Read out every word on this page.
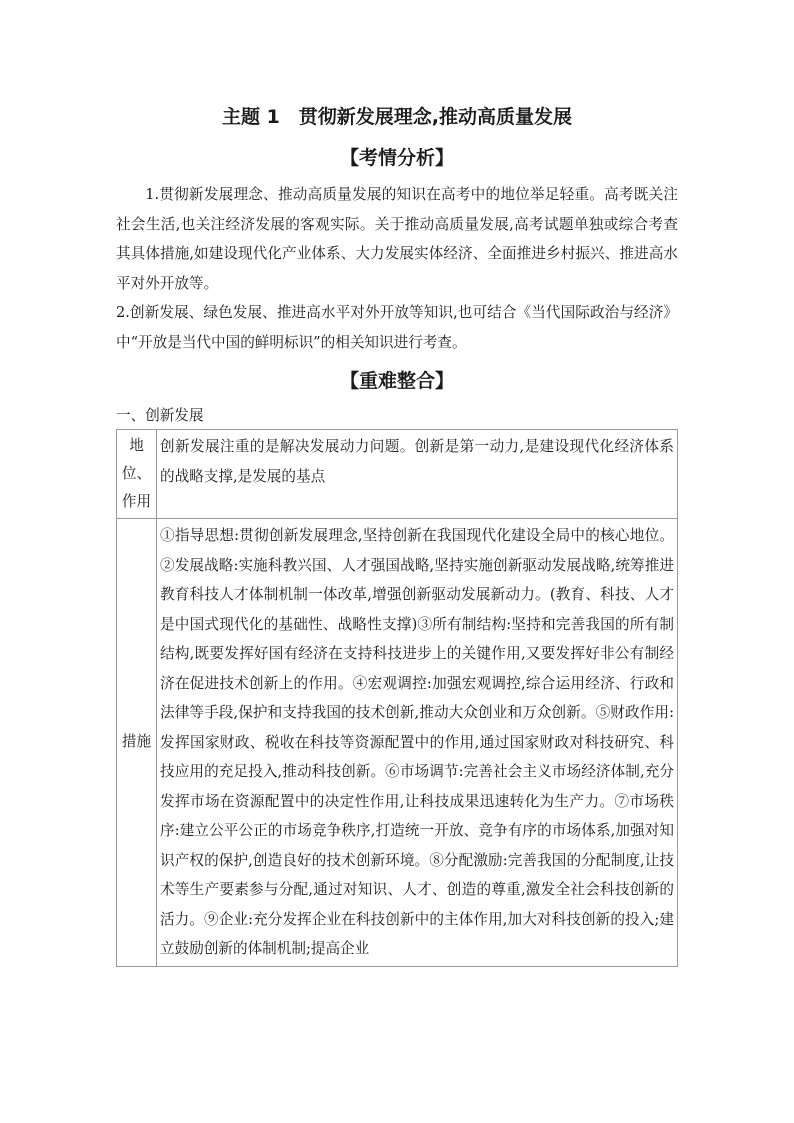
主题 1　贯彻新发展理念,推动高质量发展
【考情分析】

1.贯彻新发展理念、推动高质量发展的知识在高考中的地位举足轻重。高考既关注社会生活,也关注经济发展的客观实际。关于推动高质量发展,高考试题单独或综合考查其具体措施,如建设现代化产业体系、大力发展实体经济、全面推进乡村振兴、推进高水平对外开放等。

2.创新发展、绿色发展、推进高水平对外开放等知识,也可结合《当代国际政治与经济》中“开放是当代中国的鲜明标识”的相关知识进行考查。

【重难整合】

一、创新发展

地位、作用	创新发展注重的是解决发展动力问题。创新是第一动力,是建设现代化经济体系的战略支撑,是发展的基点
措施	①指导思想:贯彻创新发展理念,坚持创新在我国现代化建设全局中的核心地位。②发展战略:实施科教兴国、人才强国战略,坚持实施创新驱动发展战略,统筹推进教育科技人才体制机制一体改革,增强创新驱动发展新动力。(教育、科技、人才是中国式现代化的基础性、战略性支撑)③所有制结构:坚持和完善我国的所有制结构,既要发挥好国有经济在支持科技进步上的关键作用,又要发挥好非公有制经济在促进技术创新上的作用。④宏观调控:加强宏观调控,综合运用经济、行政和法律等手段,保护和支持我国的技术创新,推动大众创业和万众创新。⑤财政作用:发挥国家财政、税收在科技等资源配置中的作用,通过国家财政对科技研究、科技应用的充足投入,推动科技创新。⑥市场调节:完善社会主义市场经济体制,充分发挥市场在资源配置中的决定性作用,让科技成果迅速转化为生产力。⑦市场秩序:建立公平公正的市场竞争秩序,打造统一开放、竞争有序的市场体系,加强对知识产权的保护,创造良好的技术创新环境。⑧分配激励:完善我国的分配制度,让技术等生产要素参与分配,通过对知识、人才、创造的尊重,激发全社会科技创新的活力。⑨企业:充分发挥企业在科技创新中的主体作用,加大对科技创新的投入;建立鼓励创新的体制机制;提高企业
